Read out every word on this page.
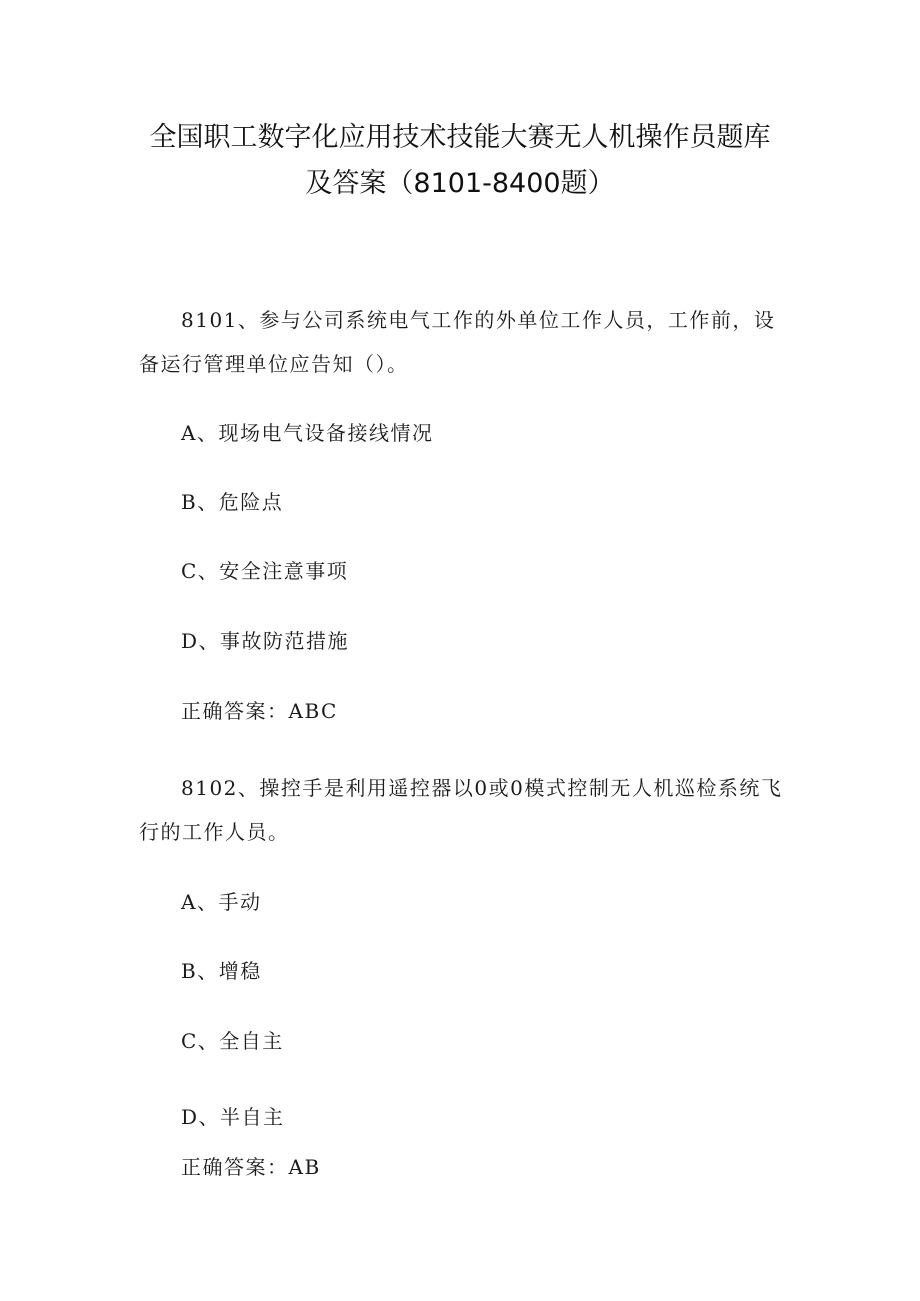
全国职工数字化应用技术技能大赛无人机操作员题库
及答案（8101-8400题）
8101、参与公司系统电气工作的外单位工作人员，工作前，设
备运行管理单位应告知（）。
A、现场电气设备接线情况
B、危险点
C、安全注意事项
D、事故防范措施
正确答案：ABC
8102、操控手是利用遥控器以0或0模式控制无人机巡检系统飞
行的工作人员。
A、手动
B、增稳
C、全自主
D、半自主
正确答案：AB
